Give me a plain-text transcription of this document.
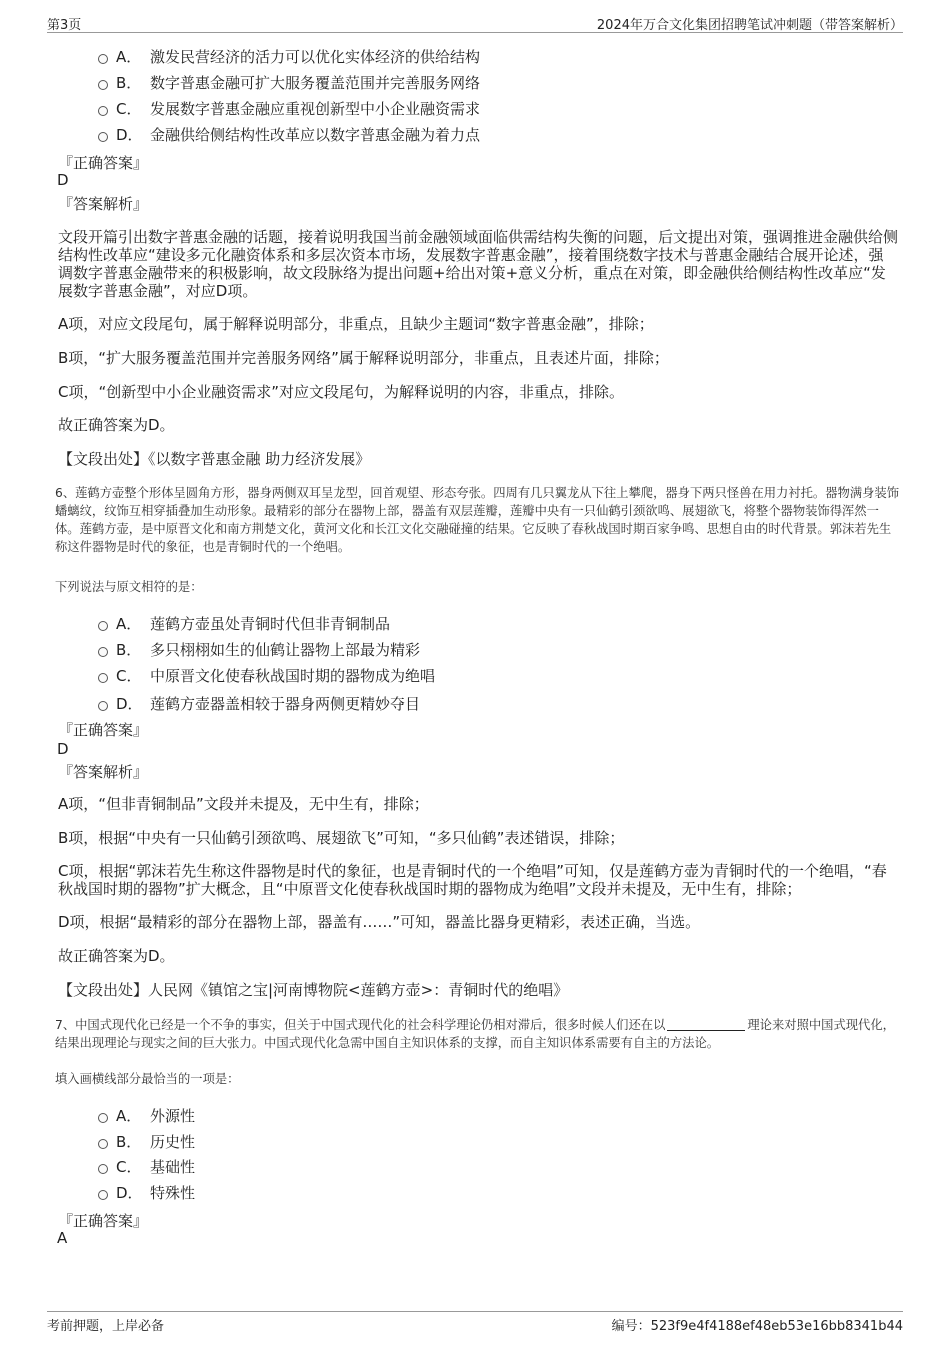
第3页	2024年万合文化集团招聘笔试冲刺题（带答案解析）
A． 激发民营经济的活力可以优化实体经济的供给结构
B． 数字普惠金融可扩大服务覆盖范围并完善服务网络
C． 发展数字普惠金融应重视创新型中小企业融资需求
D． 金融供给侧结构性改革应以数字普惠金融为着力点
『正确答案』
D
『答案解析』
文段开篇引出数字普惠金融的话题，接着说明我国当前金融领域面临供需结构失衡的问题，后文提出对策，强调推进金融供给侧结构性改革应“建设多元化融资体系和多层次资本市场，发展数字普惠金融”，接着围绕数字技术与普惠金融结合展开论述，强调数字普惠金融带来的积极影响，故文段脉络为提出问题+给出对策+意义分析，重点在对策，即金融供给侧结构性改革应“发展数字普惠金融”，对应D项。
A项，对应文段尾句，属于解释说明部分，非重点，且缺少主题词“数字普惠金融”，排除；
B项，“扩大服务覆盖范围并完善服务网络”属于解释说明部分，非重点，且表述片面，排除；
C项，“创新型中小企业融资需求”对应文段尾句，为解释说明的内容，非重点，排除。
故正确答案为D。
【文段出处】《以数字普惠金融 助力经济发展》
6、莲鹤方壶整个形体呈圆角方形，器身两侧双耳呈龙型，回首观望、形态夸张。四周有几只翼龙从下往上攀爬，器身下两只怪兽在用力衬托。器物满身装饰蟠螭纹，纹饰互相穿插叠加生动形象。最精彩的部分在器物上部，器盖有双层莲瓣，莲瓣中央有一只仙鹤引颈欲鸣、展翅欲飞，将整个器物装饰得浑然一体。莲鹤方壶，是中原晋文化和南方荆楚文化，黄河文化和长江文化交融碰撞的结果。它反映了春秋战国时期百家争鸣、思想自由的时代背景。郭沫若先生称这件器物是时代的象征，也是青铜时代的一个绝唱。
下列说法与原文相符的是：
A． 莲鹤方壶虽处青铜时代但非青铜制品
B． 多只栩栩如生的仙鹤让器物上部最为精彩
C． 中原晋文化使春秋战国时期的器物成为绝唱
D． 莲鹤方壶器盖相较于器身两侧更精妙夺目
『正确答案』
D
『答案解析』
A项，“但非青铜制品”文段并未提及，无中生有，排除；
B项，根据“中央有一只仙鹤引颈欲鸣、展翅欲飞”可知，“多只仙鹤”表述错误，排除；
C项，根据“郭沫若先生称这件器物是时代的象征，也是青铜时代的一个绝唱”可知，仅是莲鹤方壶为青铜时代的一个绝唱，“春秋战国时期的器物”扩大概念，且“中原晋文化使春秋战国时期的器物成为绝唱”文段并未提及，无中生有，排除；
D项，根据“最精彩的部分在器物上部，器盖有……”可知，器盖比器身更精彩，表述正确，当选。
故正确答案为D。
【文段出处】人民网《镇馆之宝|河南博物院<莲鹤方壶>：青铜时代的绝唱》
7、中国式现代化已经是一个不争的事实，但关于中国式现代化的社会科学理论仍相对滞后，很多时候人们还在以	理论来对照中国式现代化，结果出现理论与现实之间的巨大张力。中国式现代化急需中国自主知识体系的支撑，而自主知识体系需要有自主的方法论。
填入画横线部分最恰当的一项是：
A． 外源性
B． 历史性
C． 基础性
D． 特殊性
『正确答案』
A
考前押题，上岸必备	编号：523f9e4f4188ef48eb53e16bb8341b44
